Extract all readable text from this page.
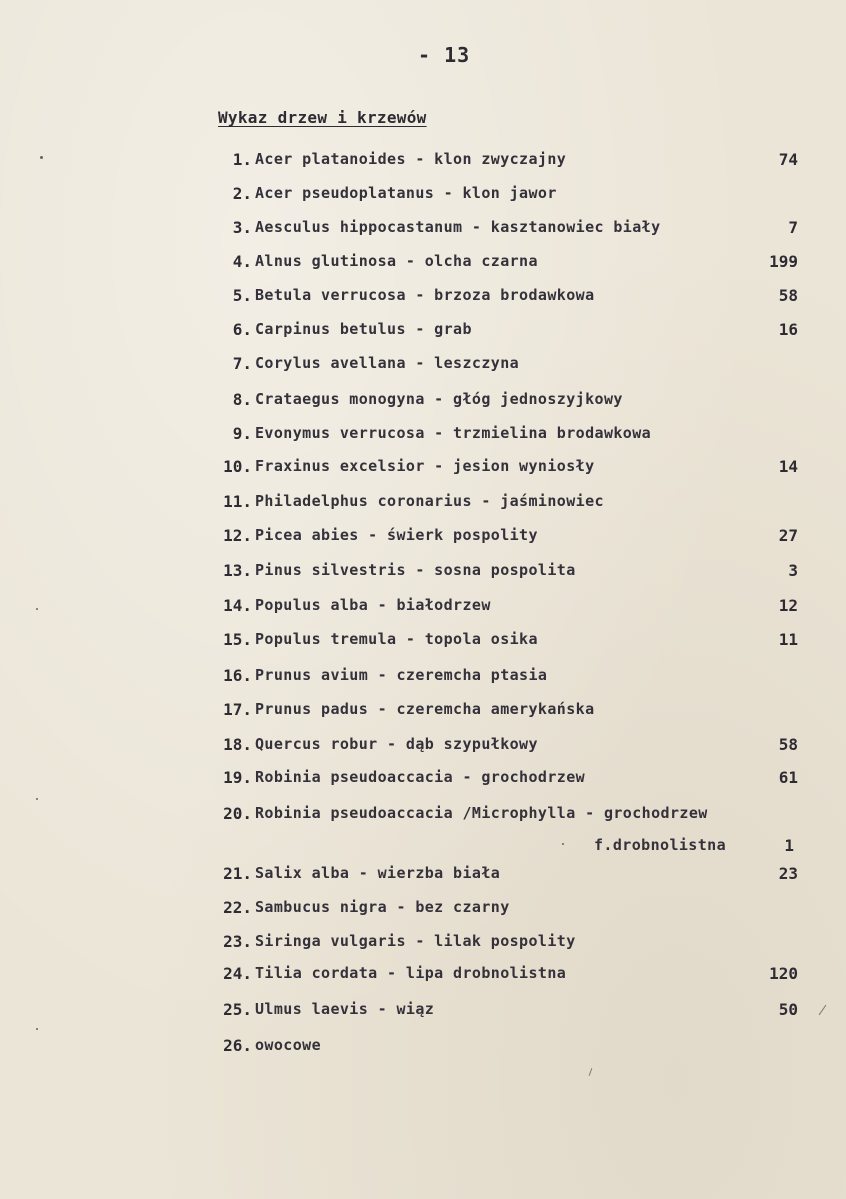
- 13
Wykaz drzew i krzewów
1. Acer platanoides - klon zwyczajny	74
2. Acer pseudoplatanus - klon jawor
3. Aesculus hippocastanum - kasztanowiec biały	7
4. Alnus glutinosa - olcha czarna	199
5. Betula verrucosa - brzoza brodawkowa	58
6. Carpinus betulus - grab	16
7. Corylus avellana - leszczyna
8. Crataegus monogyna - głóg jednoszyjkowy
9. Evonymus verrucosa - trzmielina brodawkowa
10. Fraxinus excelsior - jesion wyniosły	14
11. Philadelphus coronarius - jaśminowiec
12. Picea abies - świerk pospolity	27
13. Pinus silvestris - sosna pospolita	3
14. Populus alba - białodrzew	12
15. Populus tremula - topola osika	11
16. Prunus avium - czeremcha ptasia
17. Prunus padus - czeremcha amerykańska
18. Quercus robur - dąb szypułkowy	58
19. Robinia pseudoaccacia - grochodrzew	61
20. Robinia pseudoaccacia /Microphylla - grochodrzew
f.drobnolistna	1
21. Salix alba - wierzba biała	23
22. Sambucus nigra - bez czarny
23. Siringa vulgaris - lilak pospolity
24. Tilia cordata - lipa drobnolistna	120
25. Ulmus laevis - wiąz	50
26. owocowe
